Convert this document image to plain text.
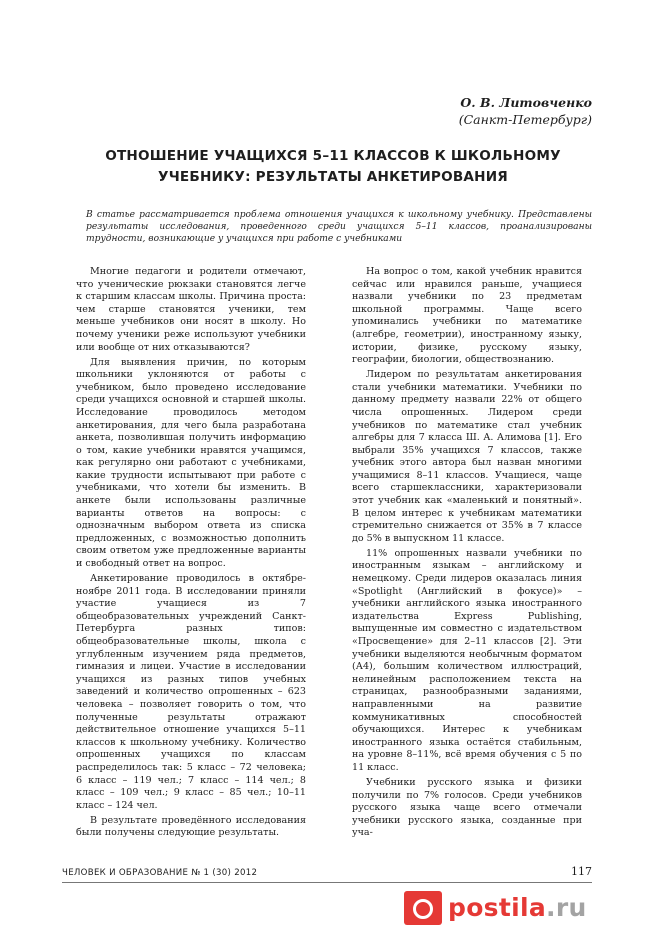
О. В. Литовченко
(Санкт-Петербург)
ОТНОШЕНИЕ УЧАЩИХСЯ 5–11 КЛАССОВ К ШКОЛЬНОМУ
УЧЕБНИКУ: РЕЗУЛЬТАТЫ АНКЕТИРОВАНИЯ
В статье рассматривается проблема отношения учащихся к школьному учебнику. Представлены результаты исследования, проведенного среди учащихся 5–11 классов, проанализированы трудности, возникающие у учащихся при работе с учебниками

Многие педагоги и родители отмечают, что ученические рюкзаки становятся легче к старшим классам школы. Причина проста: чем старше становятся ученики, тем меньше учебников они носят в школу. Но почему ученики реже используют учебники или вообще от них отказываются?

Для выявления причин, по которым школьники уклоняются от работы с учебником, было проведено исследование среди учащихся основной и старшей школы. Исследование проводилось методом анкетирования, для чего была разработана анкета, позволившая получить информацию о том, какие учебники нравятся учащимся, как регулярно они работают с учебниками, какие трудности испытывают при работе с учебниками, что хотели бы изменить. В анкете были использованы различные варианты ответов на вопросы: с однозначным выбором ответа из списка предложенных, с возможностью дополнить своим ответом уже предложенные варианты и свободный ответ на вопрос.

Анкетирование проводилось в октябре-ноябре 2011 года. В исследовании приняли участие учащиеся из 7 общеобразовательных учреждений Санкт-Петербурга разных типов: общеобразовательные школы, школа с углубленным изучением ряда предметов, гимназия и лицеи. Участие в исследовании учащихся из разных типов учебных заведений и количество опрошенных – 623 человека – позволяет говорить о том, что полученные результаты отражают действительное отношение учащихся 5–11 классов к школьному учебнику. Количество опрошенных учащихся по классам распределилось так: 5 класс – 72 человека; 6 класс – 119 чел.; 7 класс – 114 чел.; 8 класс – 109 чел.; 9 класс – 85 чел.; 10–11 класс – 124 чел.

В результате проведённого исследования были получены следующие результаты.

На вопрос о том, какой учебник нравится сейчас или нравился раньше, учащиеся назвали учебники по 23 предметам школьной программы. Чаще всего упоминались учебники по математике (алгебре, геометрии), иностранному языку, истории, физике, русскому языку, географии, биологии, обществознанию.

Лидером по результатам анкетирования стали учебники математики. Учебники по данному предмету назвали 22% от общего числа опрошенных. Лидером среди учебников по математике стал учебник алгебры для 7 класса Ш. А. Алимова [1]. Его выбрали 35% учащихся 7 классов, также учебник этого автора был назван многими учащимися 8–11 классов. Учащиеся, чаще всего старшеклассники, характеризовали этот учебник как «маленький и понятный». В целом интерес к учебникам математики стремительно снижается от 35% в 7 классе до 5% в выпускном 11 классе.

11% опрошенных назвали учебники по иностранным языкам – английскому и немецкому. Среди лидеров оказалась линия «Spotlight (Английский в фокусе)» – учебники английского языка иностранного издательства Express Publishing, выпущенные им совместно с издательством «Просвещение» для 2–11 классов [2]. Эти учебники выделяются необычным форматом (А4), большим количеством иллюстраций, нелинейным расположением текста на страницах, разнообразными заданиями, направленными на развитие коммуникативных способностей обучающихся. Интерес к учебникам иностранного языка остаётся стабильным, на уровне 8–11%, всё время обучения с 5 по 11 класс.

Учебники русского языка и физики получили по 7% голосов. Среди учебников русского языка чаще всего отмечали учебники русского языка, созданные при уча-

ЧЕЛОВЕК И ОБРАЗОВАНИЕ № 1 (30) 2012	117
postila.ru
